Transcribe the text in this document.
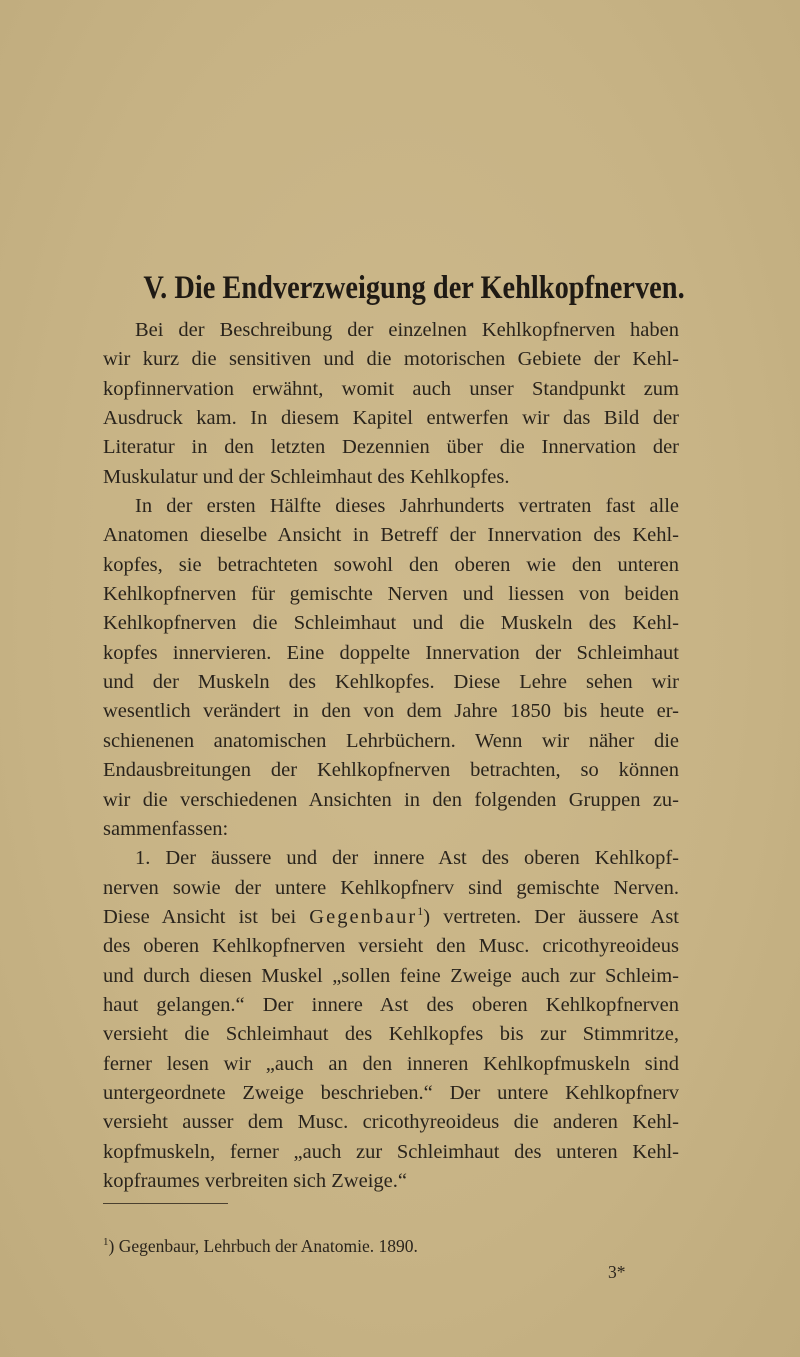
V. Die Endverzweigung der Kehlkopfnerven.
Bei der Beschreibung der einzelnen Kehlkopfnerven haben
wir kurz die sensitiven und die motorischen Gebiete der Kehl-
kopfinnervation erwähnt, womit auch unser Standpunkt zum
Ausdruck kam. In diesem Kapitel entwerfen wir das Bild der
Literatur in den letzten Dezennien über die Innervation der
Muskulatur und der Schleimhaut des Kehlkopfes.
In der ersten Hälfte dieses Jahrhunderts vertraten fast alle
Anatomen dieselbe Ansicht in Betreff der Innervation des Kehl-
kopfes, sie betrachteten sowohl den oberen wie den unteren
Kehlkopfnerven für gemischte Nerven und liessen von beiden
Kehlkopfnerven die Schleimhaut und die Muskeln des Kehl-
kopfes innervieren. Eine doppelte Innervation der Schleimhaut
und der Muskeln des Kehlkopfes. Diese Lehre sehen wir
wesentlich verändert in den von dem Jahre 1850 bis heute er-
schienenen anatomischen Lehrbüchern. Wenn wir näher die
Endausbreitungen der Kehlkopfnerven betrachten, so können
wir die verschiedenen Ansichten in den folgenden Gruppen zu-
sammenfassen:
1. Der äussere und der innere Ast des oberen Kehlkopf-
nerven sowie der untere Kehlkopfnerv sind gemischte Nerven.
Diese Ansicht ist bei Gegenbaur$^1$) vertreten. Der äussere Ast
des oberen Kehlkopfnerven versieht den Musc. cricothyreoideus
und durch diesen Muskel „sollen feine Zweige auch zur Schleim-
haut gelangen.“ Der innere Ast des oberen Kehlkopfnerven
versieht die Schleimhaut des Kehlkopfes bis zur Stimmritze,
ferner lesen wir „auch an den inneren Kehlkopfmuskeln sind
untergeordnete Zweige beschrieben.“ Der untere Kehlkopfnerv
versieht ausser dem Musc. cricothyreoideus die anderen Kehl-
kopfmuskeln, ferner „auch zur Schleimhaut des unteren Kehl-
kopfraumes verbreiten sich Zweige.“
$^1$) Gegenbaur, Lehrbuch der Anatomie. 1890.
3*
